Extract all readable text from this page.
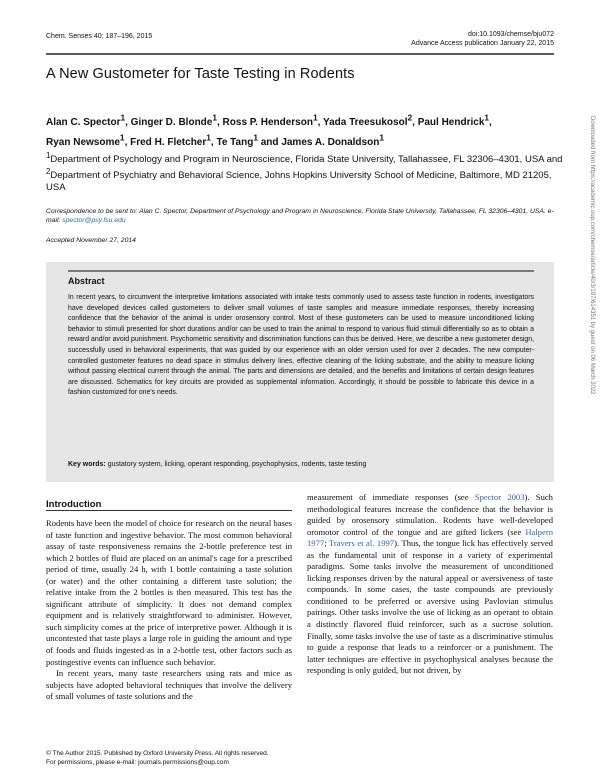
Chem. Senses 40: 187–196, 2015	doi:10.1093/chemse/bju072
Advance Access publication January 22, 2015
A New Gustometer for Taste Testing in Rodents
Alan C. Spector$^1$, Ginger D. Blonde$^1$, Ross P. Henderson$^1$, Yada Treesukosol$^2$, Paul Hendrick$^1$,
Ryan Newsome$^1$, Fred H. Fletcher$^1$, Te Tang$^1$ and James A. Donaldson$^1$
$^1$Department of Psychology and Program in Neuroscience, Florida State University, Tallahassee, FL 32306–4301, USA and $^2$Department of Psychiatry and Behavioral Science, Johns Hopkins University School of Medicine, Baltimore, MD 21205, USA
Correspondence to be sent to: Alan C. Spector, Department of Psychology and Program in Neuroscience, Florida State University, Tallahassee, FL 32306–4301, USA. e-mail: spector@psy.fsu.edu
Accepted November 27, 2014
Abstract
In recent years, to circumvent the interpretive limitations associated with intake tests commonly used to assess taste function in rodents, investigators have developed devices called gustometers to deliver small volumes of taste samples and measure immediate responses, thereby increasing confidence that the behavior of the animal is under orosensory control. Most of these gustometers can be used to measure unconditioned licking behavior to stimuli presented for short durations and/or can be used to train the animal to respond to various fluid stimuli differentially so as to obtain a reward and/or avoid punishment. Psychometric sensitivity and discrimination functions can thus be derived. Here, we describe a new gustometer design, successfully used in behavioral experiments, that was guided by our experience with an older version used for over 2 decades. The new computer-controlled gustometer features no dead space in stimulus delivery lines, effective cleaning of the licking substrate, and the ability to measure licking without passing electrical current through the animal. The parts and dimensions are detailed, and the benefits and limitations of certain design features are discussed. Schematics for key circuits are provided as supplemental information. Accordingly, it should be possible to fabricate this device in a fashion customized for one's needs.
Key words: gustatory system, licking, operant responding, psychophysics, rodents, taste testing
Introduction

Rodents have been the model of choice for research on the neural bases of taste function and ingestive behavior. The most common behavioral assay of taste responsiveness remains the 2-bottle preference test in which 2 bottles of fluid are placed on an animal's cage for a prescribed period of time, usually 24 h, with 1 bottle containing a taste solution (or water) and the other containing a different taste solution; the relative intake from the 2 bottles is then measured. This test has the significant attribute of simplicity. It does not demand complex equipment and is relatively straightforward to administer. However, such simplicity comes at the price of interpretive power. Although it is uncontested that taste plays a large role in guiding the amount and type of foods and fluids ingested as in a 2-bottle test, other factors such as postingestive events can influence such behavior.

In recent years, many taste researchers using rats and mice as subjects have adopted behavioral techniques that involve the delivery of small volumes of taste solutions and the

measurement of immediate responses (see Spector 2003). Such methodological features increase the confidence that the behavior is guided by orosensory stimulation. Rodents have well-developed oromotor control of the tongue and are gifted lickers (see Halpern 1977; Travers et al. 1997). Thus, the tongue lick has effectively served as the fundamental unit of response in a variety of experimental paradigms. Some tasks involve the measurement of unconditioned licking responses driven by the natural appeal or aversiveness of taste compounds. In some cases, the taste compounds are previously conditioned to be preferred or aversive using Pavlovian stimulus pairings. Other tasks involve the use of licking as an operant to obtain a distinctly flavored fluid reinforcer, such as a sucrose solution. Finally, some tasks involve the use of taste as a discriminative stimulus to guide a response that leads to a reinforcer or a punishment. The latter techniques are effective in psychophysical analyses because the responding is only guided, but not driven, by

© The Author 2015. Published by Oxford University Press. All rights reserved.
For permissions, please e-mail: journals.permissions@oup.com
Downloaded from https://academic.oup.com/chemse/article/40/3/187/614351 by guest on 06 March 2022
